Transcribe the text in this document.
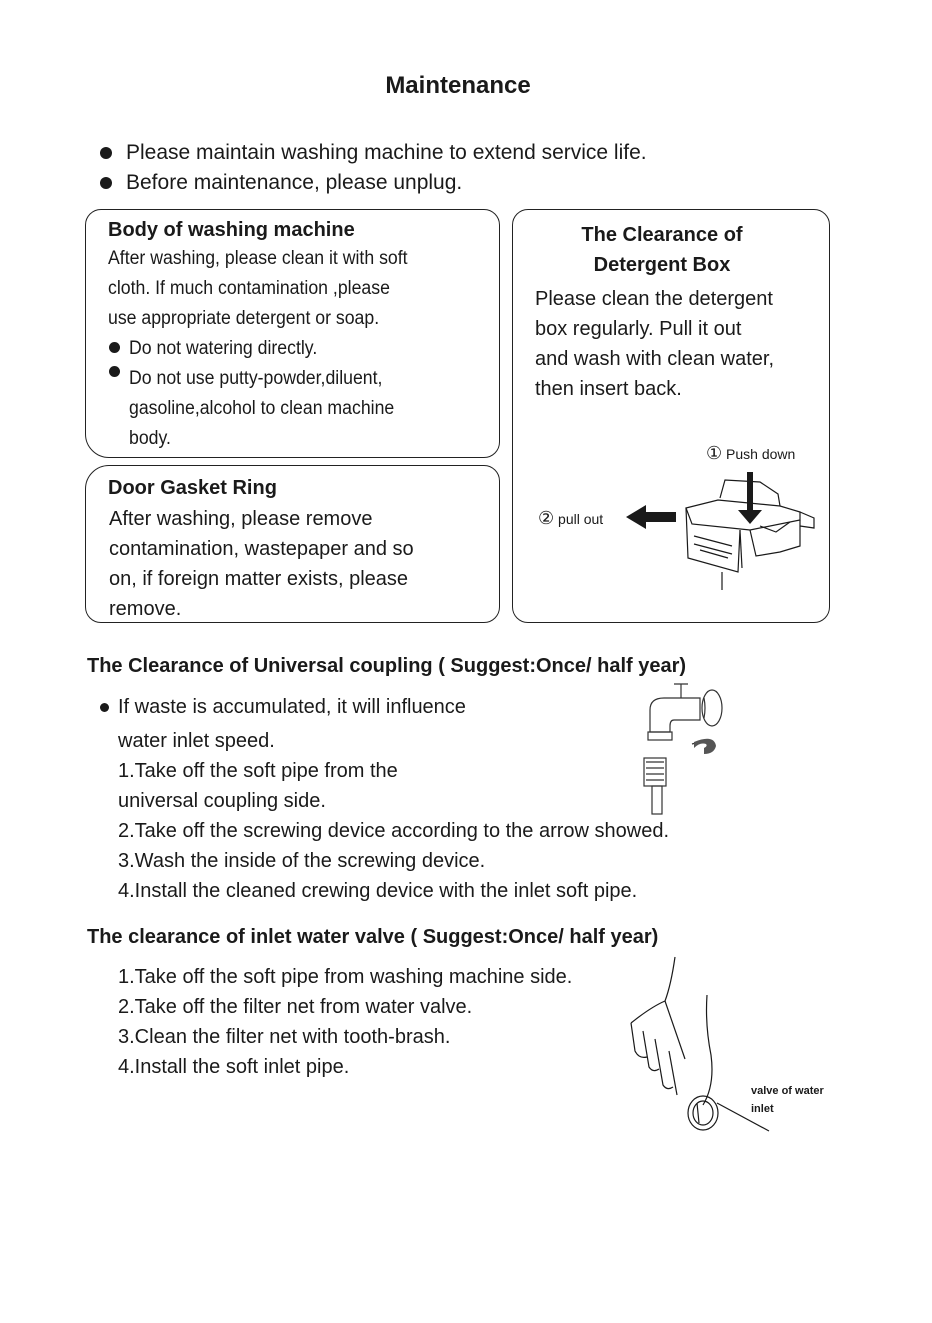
Maintenance
Please maintain washing machine to extend service life.
Before maintenance, please unplug.
Body of washing machine
After washing, please clean it with soft
cloth. If much contamination ,please
use appropriate detergent or soap.
Do not watering directly.
Do not use putty-powder,diluent,
gasoline,alcohol to clean machine
body.
Door Gasket Ring
After washing, please remove
contamination, wastepaper and so
on, if foreign matter exists, please
remove.
The Clearance of
Detergent Box
Please clean the detergent
box regularly. Pull it out
and wash with clean water,
then insert back.
① Push down
② pull out
The Clearance of Universal coupling ( Suggest:Once/ half year)
If waste is accumulated, it will influence
water inlet speed.
1.Take off the soft pipe from the
universal coupling side.
2.Take off the screwing device according to the arrow showed.
3.Wash the inside of the screwing device.
4.Install the cleaned crewing device with the inlet soft pipe.
The clearance of inlet water valve ( Suggest:Once/ half year)
1.Take off the soft pipe from washing machine side.
2.Take off the filter net from water valve.
3.Clean the filter net with tooth-brash.
4.Install the soft inlet pipe.
valve of water
inlet
